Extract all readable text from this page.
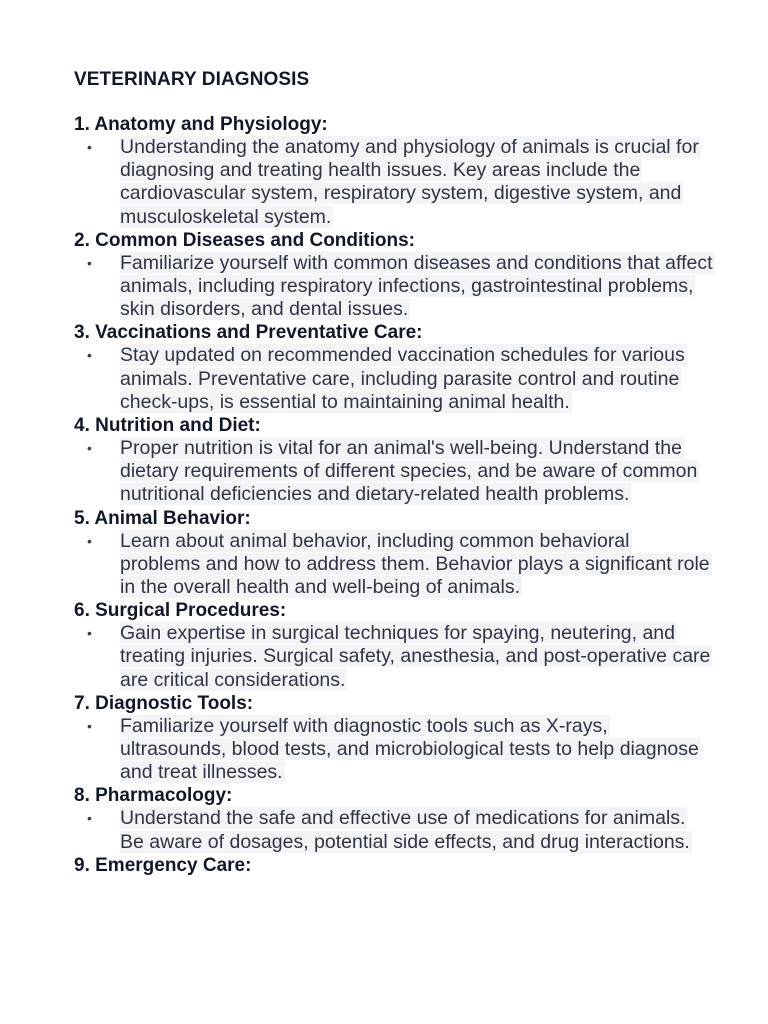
VETERINARY DIAGNOSIS
1. Anatomy and Physiology:
•	Understanding the anatomy and physiology of animals is crucial for diagnosing and treating health issues. Key areas include the cardiovascular system, respiratory system, digestive system, and musculoskeletal system.

2. Common Diseases and Conditions:
•	Familiarize yourself with common diseases and conditions that affect animals, including respiratory infections, gastrointestinal problems, skin disorders, and dental issues.

3. Vaccinations and Preventative Care:
•	Stay updated on recommended vaccination schedules for various animals. Preventative care, including parasite control and routine check-ups, is essential to maintaining animal health.

4. Nutrition and Diet:
•	Proper nutrition is vital for an animal's well-being. Understand the dietary requirements of different species, and be aware of common nutritional deficiencies and dietary-related health problems.

5. Animal Behavior:
•	Learn about animal behavior, including common behavioral problems and how to address them. Behavior plays a significant role in the overall health and well-being of animals.

6. Surgical Procedures:
•	Gain expertise in surgical techniques for spaying, neutering, and treating injuries. Surgical safety, anesthesia, and post-operative care are critical considerations.

7. Diagnostic Tools:
•	Familiarize yourself with diagnostic tools such as X-rays, ultrasounds, blood tests, and microbiological tests to help diagnose and treat illnesses.

8. Pharmacology:
•	Understand the safe and effective use of medications for animals. Be aware of dosages, potential side effects, and drug interactions.

9. Emergency Care:
